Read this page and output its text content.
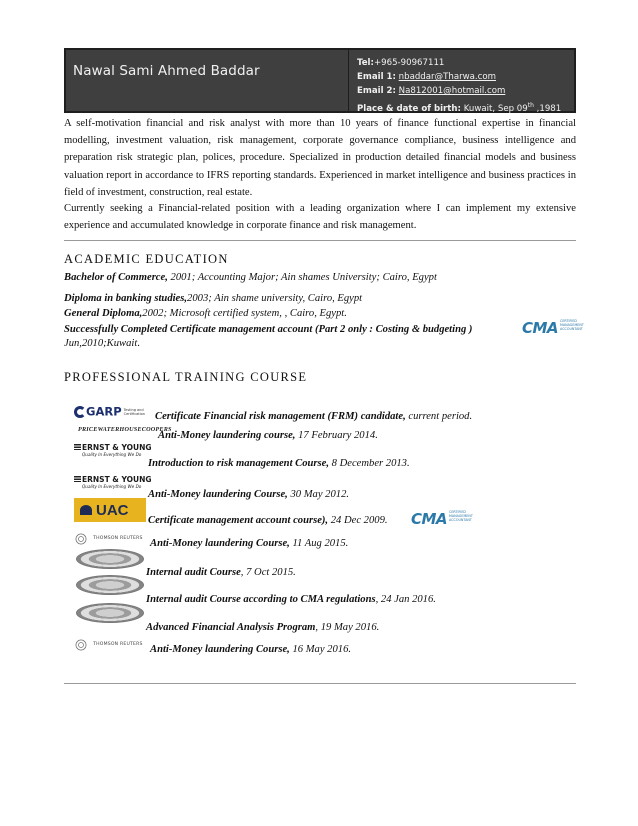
Nawal Sami Ahmed Baddar	Tel:+965-90967111
Email 1: nbaddar@Tharwa.com
Email 2: Na812001@hotmail.com
Place & date of birth: Kuwait, Sep 09th ,1981
A self-motivation financial and risk analyst with more than 10 years of finance functional expertise in financial modelling, investment valuation, risk management, corporate governance compliance, business intelligence and preparation risk strategic plan, polices, procedure. Specialized in production detailed financial models and business valuation report in accordance to IFRS reporting standards. Experienced in market intelligence and business practices in field of investment, construction, real estate.
Currently seeking a Financial-related position with a leading organization where I can implement my extensive experience and accumulated knowledge in corporate finance and risk management.
ACADEMIC EDUCATION
Bachelor of Commerce, 2001; Accounting Major; Ain shames University; Cairo, Egypt
Diploma in banking studies,2003; Ain shame university, Cairo, Egypt
General Diploma,2002; Microsoft certified system, , Cairo, Egypt.
Successfully Completed Certificate management account (Part 2 only : Costing & budgeting )
Jun,2010;Kuwait.
CMA CERTIFIED MANAGEMENT ACCOUNTANT
PROFESSIONAL TRAINING COURSE
GARP Testing and Certification
PRICEWATERHOUSECOOPERS
ERNST & YOUNG
Quality In Everything We Do
ERNST & YOUNG
Quality In Everything We Do
UAC
THOMSON REUTERS
THOMSON REUTERS
Certificate Financial risk management (FRM) candidate, current period.
Anti-Money laundering course, 17 February 2014.
Introduction to risk management Course, 8 December 2013.
Anti-Money laundering Course, 30 May 2012.
Certificate management account course), 24 Dec 2009. CMA CERTIFIED MANAGEMENT ACCOUNTANT
Anti-Money laundering Course, 11 Aug 2015.
Internal audit Course, 7 Oct 2015.
Internal audit Course according to CMA regulations, 24 Jan 2016.
Advanced Financial Analysis Program, 19 May 2016.
Anti-Money laundering Course, 16 May 2016.
